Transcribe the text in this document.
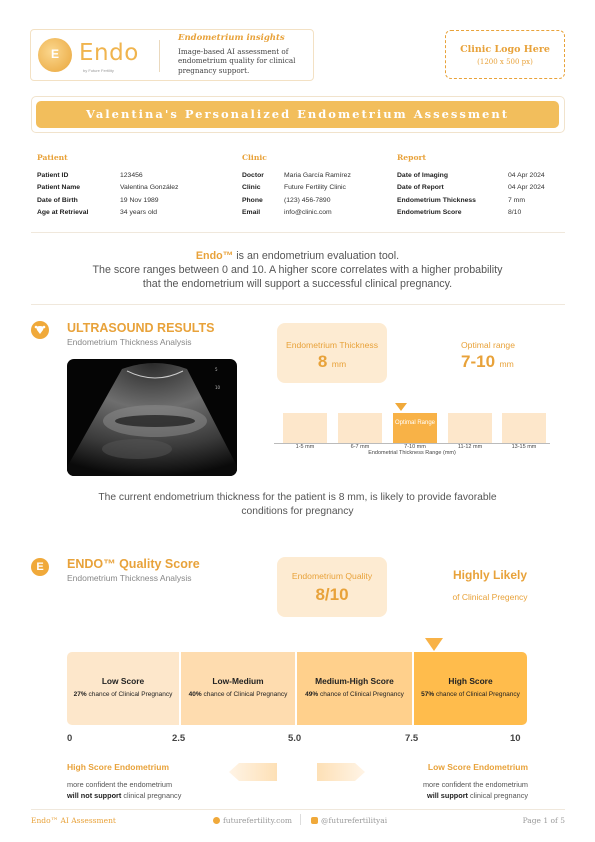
E Endo
by Future Fertility
Endometrium insights
Image-based AI assessment of endometrium quality for clinical pregnancy support.
Clinic Logo Here
(1200 x 500 px)
Valentina's Personalized Endometrium Assessment
Patient
Patient ID	123456
Patient Name	Valentina González
Date of Birth	19 Nov 1989
Age at Retrieval	34 years old
Clinic
Doctor	Maria García Ramírez
Clinic	Future Fertility Clinic
Phone	(123) 456-7890
Email	info@clinic.com
Report
Date of Imaging	04 Apr 2024
Date of Report	04 Apr 2024
Endometrium Thickness	7 mm
Endometrium Score	8/10
Endo™ is an endometrium evaluation tool.
The score ranges between 0 and 10. A higher score correlates with a higher probability
that the endometrium will support a successful clinical pregnancy.
ULTRASOUND RESULTS
Endometrium Thickness Analysis
5
10
Endometrium Thickness
8 mm
Optimal range
7-10 mm
Optimal Range
1-5 mm	6-7 mm	7-10 mm	11-12 mm	13-15 mm
Endometrial Thickness Range (mm)
The current endometrium thickness for the patient is 8 mm, is likely to provide favorable
conditions for pregnancy
E	ENDO™ Quality Score
Endometrium Thickness Analysis	Endometrium Quality
8/10
Highly Likely
of Clinical Pregency
Low Score
27% chance of Clinical Pregnancy
Low-Medium
40% chance of Clinical Pregnancy
Medium-High Score
49% chance of Clinical Pregnancy
High Score
57% chance of Clinical Pregnancy
0	2.5	5.0	7.5	10
High Score Endometrium
more confident the endometrium
will not support clinical pregnancy
Low Score Endometrium
more confident the endometrium
will support clinical pregnancy
Endo™ AI Assessment	futurefertility.com	@futurefertilityai	Page 1 of 5
